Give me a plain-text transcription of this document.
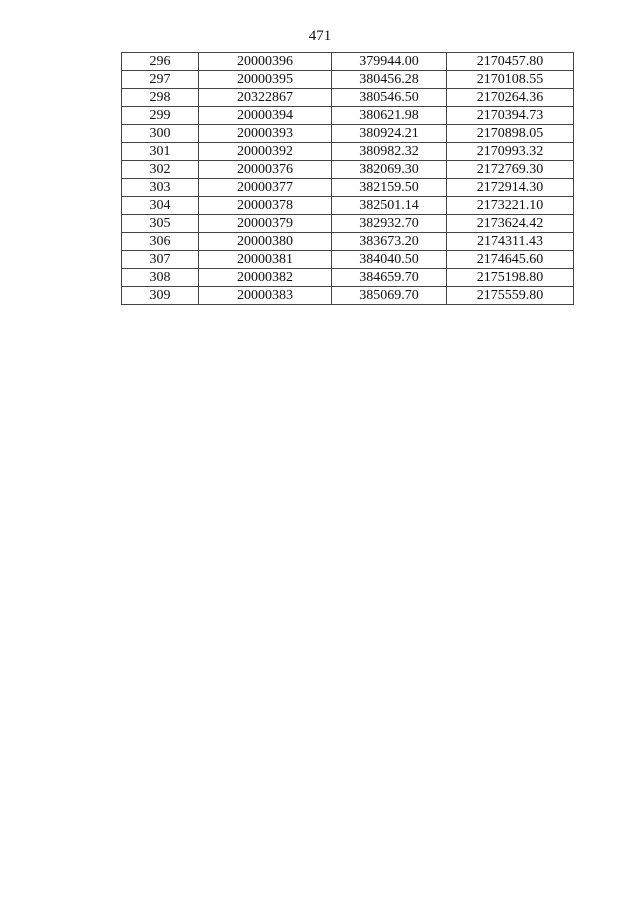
471
296	20000396	379944.00	2170457.80
297	20000395	380456.28	2170108.55
298	20322867	380546.50	2170264.36
299	20000394	380621.98	2170394.73
300	20000393	380924.21	2170898.05
301	20000392	380982.32	2170993.32
302	20000376	382069.30	2172769.30
303	20000377	382159.50	2172914.30
304	20000378	382501.14	2173221.10
305	20000379	382932.70	2173624.42
306	20000380	383673.20	2174311.43
307	20000381	384040.50	2174645.60
308	20000382	384659.70	2175198.80
309	20000383	385069.70	2175559.80
